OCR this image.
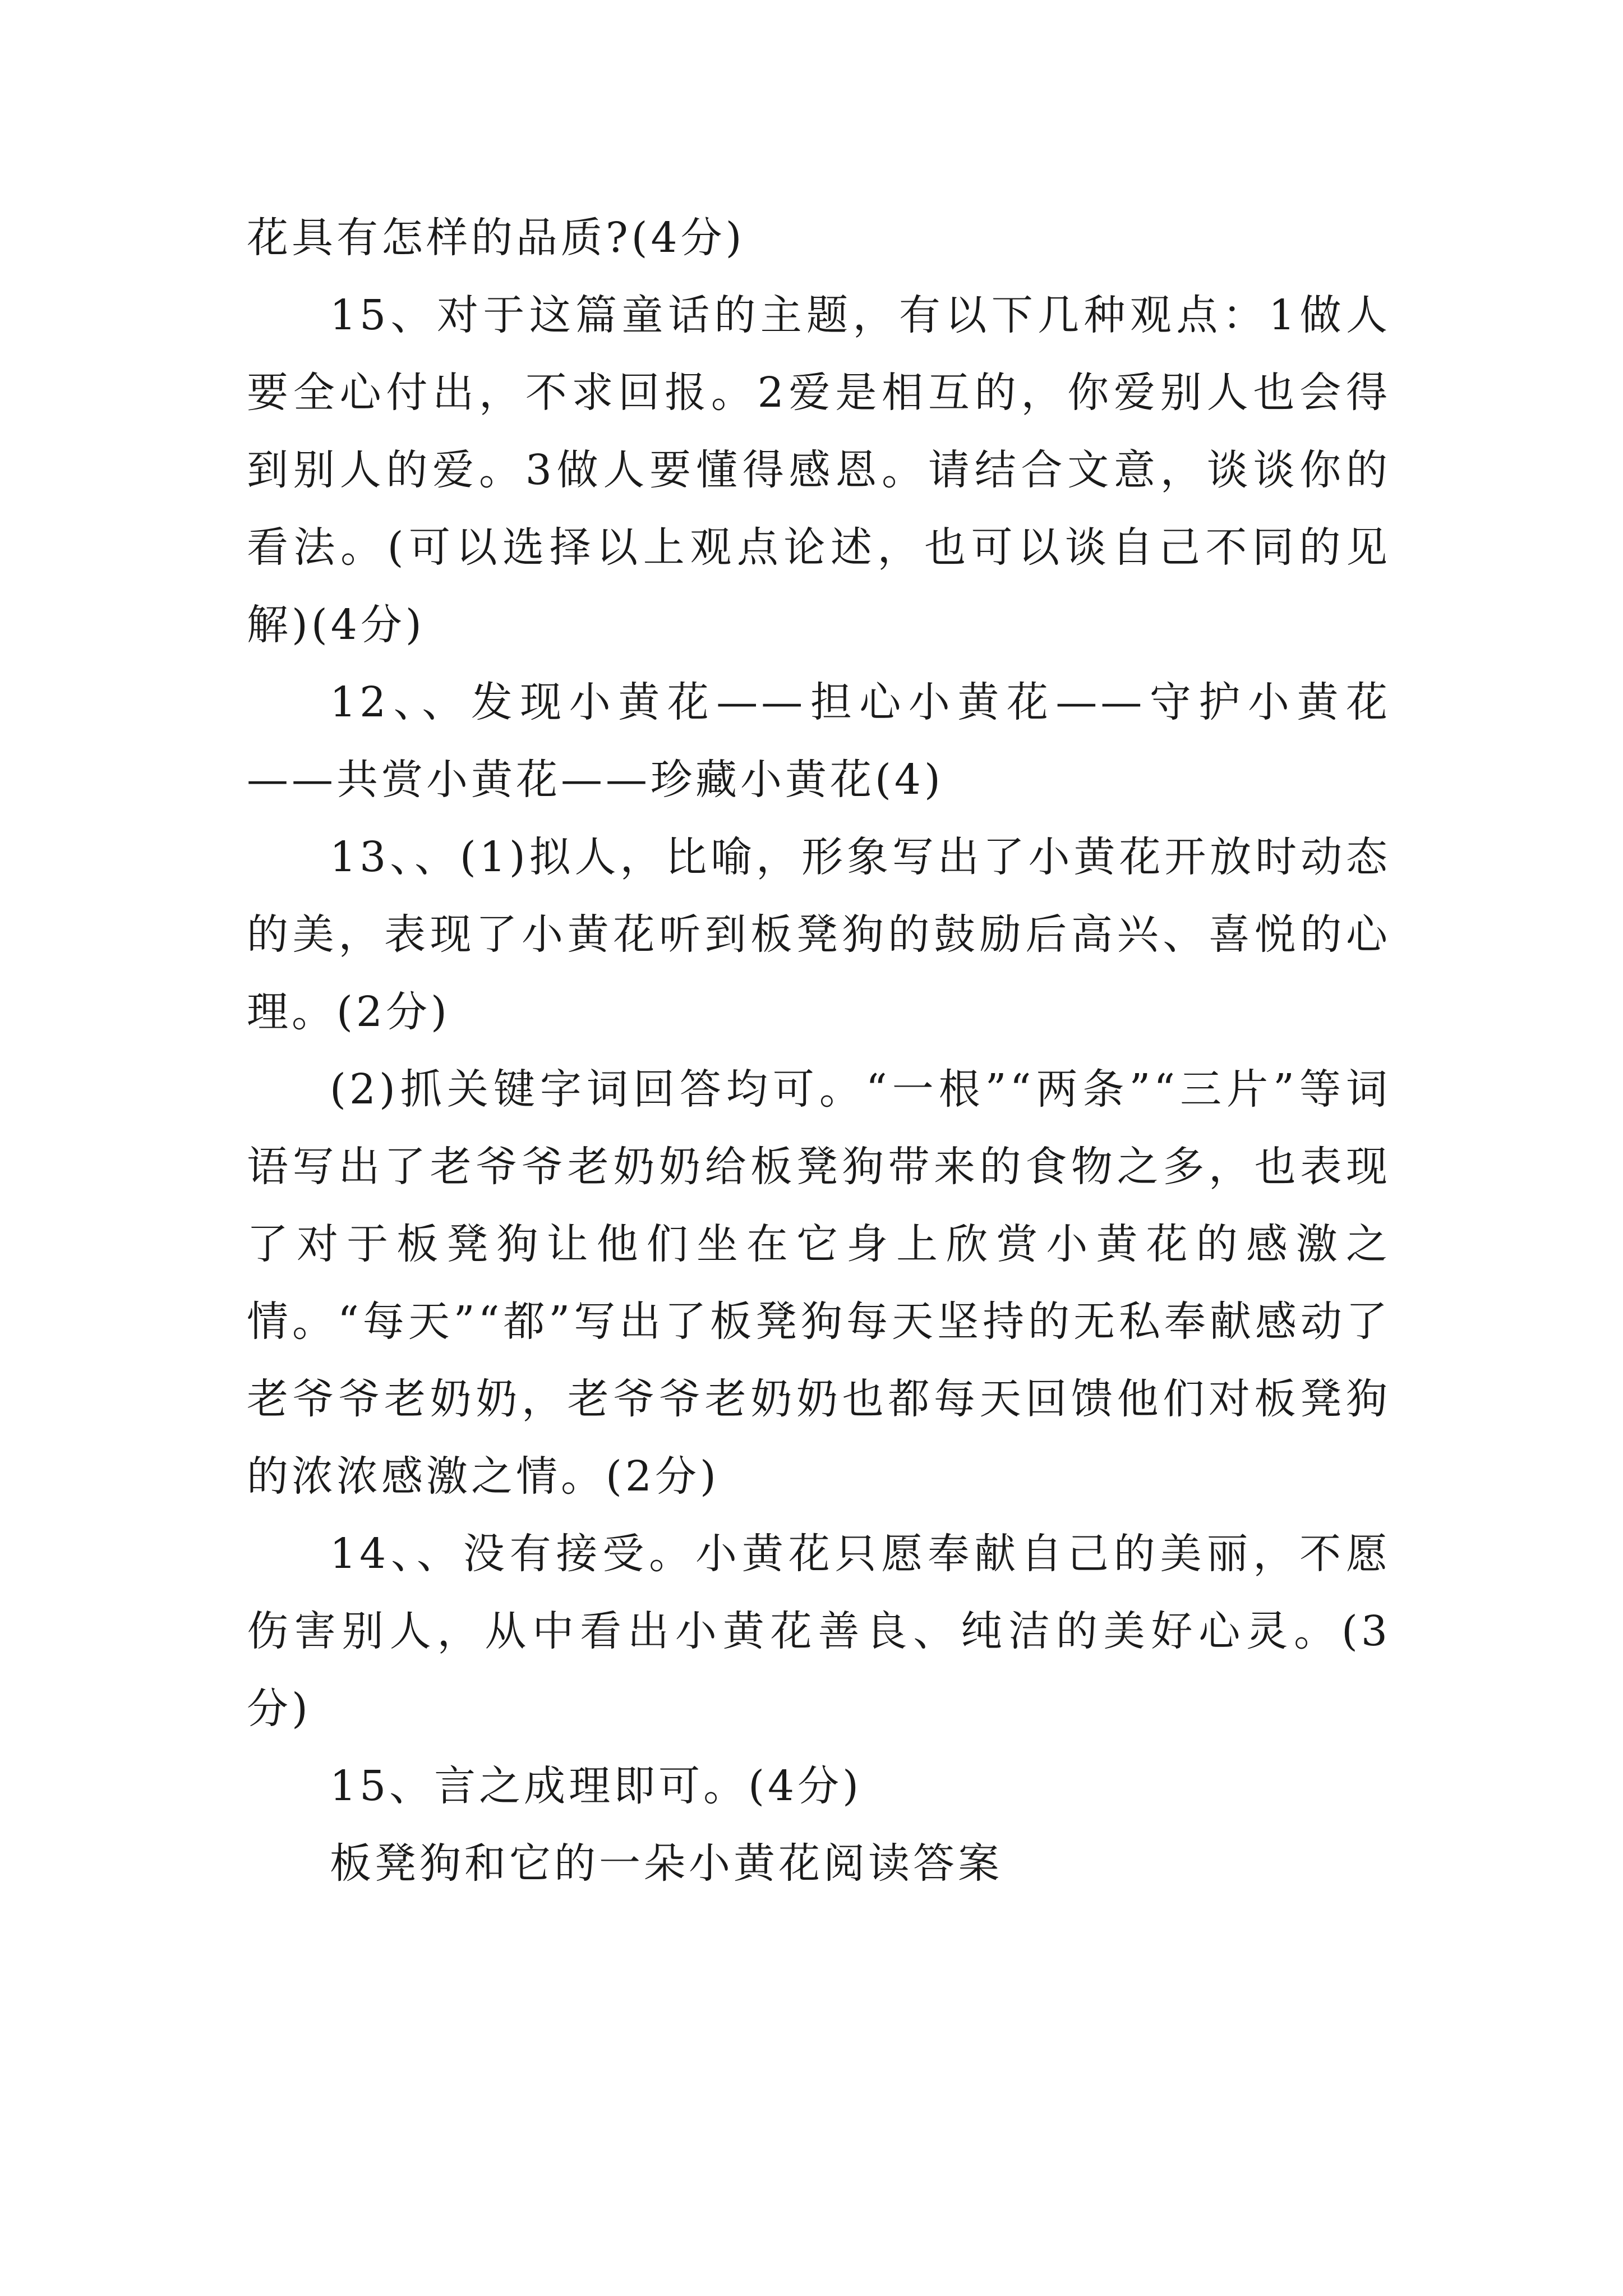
花具有怎样的品质?(4分)

15、对于这篇童话的主题，有以下几种观点：1做人要全心付出，不求回报。2爱是相互的，你爱别人也会得到别人的爱。3做人要懂得感恩。请结合文意，谈谈你的看法。(可以选择以上观点论述，也可以谈自己不同的见解)(4分)

12、、发现小黄花——担心小黄花——守护小黄花——共赏小黄花——珍藏小黄花(4)

13、、(1)拟人，比喻，形象写出了小黄花开放时动态的美，表现了小黄花听到板凳狗的鼓励后高兴、喜悦的心理。(2分)

(2)抓关键字词回答均可。“一根”“两条”“三片”等词语写出了老爷爷老奶奶给板凳狗带来的食物之多，也表现了对于板凳狗让他们坐在它身上欣赏小黄花的感激之情。“每天”“都”写出了板凳狗每天坚持的无私奉献感动了老爷爷老奶奶，老爷爷老奶奶也都每天回馈他们对板凳狗的浓浓感激之情。(2分)

14、、没有接受。小黄花只愿奉献自己的美丽，不愿伤害别人，从中看出小黄花善良、纯洁的美好心灵。(3分)

15、言之成理即可。(4分)

板凳狗和它的一朵小黄花阅读答案
